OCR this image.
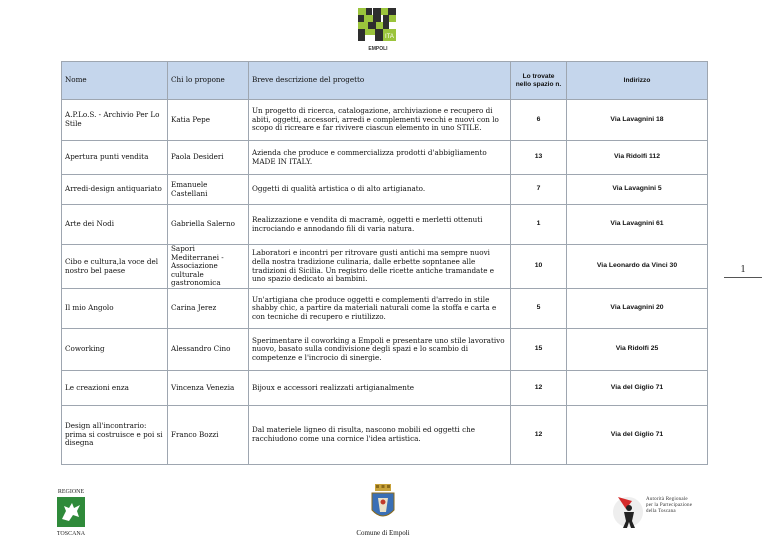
ITA
EMPOLI
Nome	Chi lo propone	Breve descrizione del progetto	Lo trovate nello spazio n.	Indirizzo
A.P.Lo.S. - Archivio Per Lo Stile	Katia Pepe	Un progetto di ricerca, catalogazione, archiviazione e recupero di abiti, oggetti, accessori, arredi e complementi vecchi e nuovi con lo scopo di ricreare e far rivivere ciascun elemento in uno STILE.	6	Via Lavagnini 18
Apertura punti vendita	Paola Desideri	Azienda che produce e commercializza prodotti d'abbigliamento MADE IN ITALY.	13	Via Ridolfi 112
Arredi-design antiquariato	Emanuele Castellani	Oggetti di qualità artistica o di alto artigianato.	7	Via Lavagnini 5
Arte dei Nodi	Gabriella Salerno	Realizzazione e vendita di macramè, oggetti e merletti ottenuti incrociando e annodando fili di varia natura.	1	Via Lavagnini 61
Cibo e cultura,la voce del nostro bel paese	Sapori Mediterranei - Associazione culturale gastronomica	Laboratori e incontri per ritrovare gusti antichi ma sempre nuovi della nostra tradizione culinaria, dalle erbette sopntanee alle tradizioni di Sicilia. Un registro delle ricette antiche tramandate e uno spazio dedicato ai bambini.	10	Via Leonardo da Vinci 30
Il mio Angolo	Carina Jerez	Un'artigiana che produce oggetti e complementi d'arredo in stile shabby chic, a partire da materiali naturali come la stoffa e carta e con tecniche di recupero e riutilizzo.	5	Via Lavagnini 20
Coworking	Alessandro Cino	Sperimentare il coworking a Empoli e presentare uno stile lavorativo nuovo, basato sulla condivisione degli spazi e lo scambio di competenze e l'incrocio di sinergie.	15	Via Ridolfi 25
Le creazioni enza	Vincenza Venezia	Bijoux e accessori realizzati artigianalmente	12	Via del Giglio 71
Design all'incontrario: prima si costruisce e poi si disegna	Franco Bozzi	Dal materiele ligneo di risulta, nascono mobili ed oggetti che racchiudono come una cornice l'idea artistica.	12	Via del Giglio 71
1
REGIONE
TOSCANA	Comune di Empoli
Autorità Regionale
per la Partecipazione
della Toscana
